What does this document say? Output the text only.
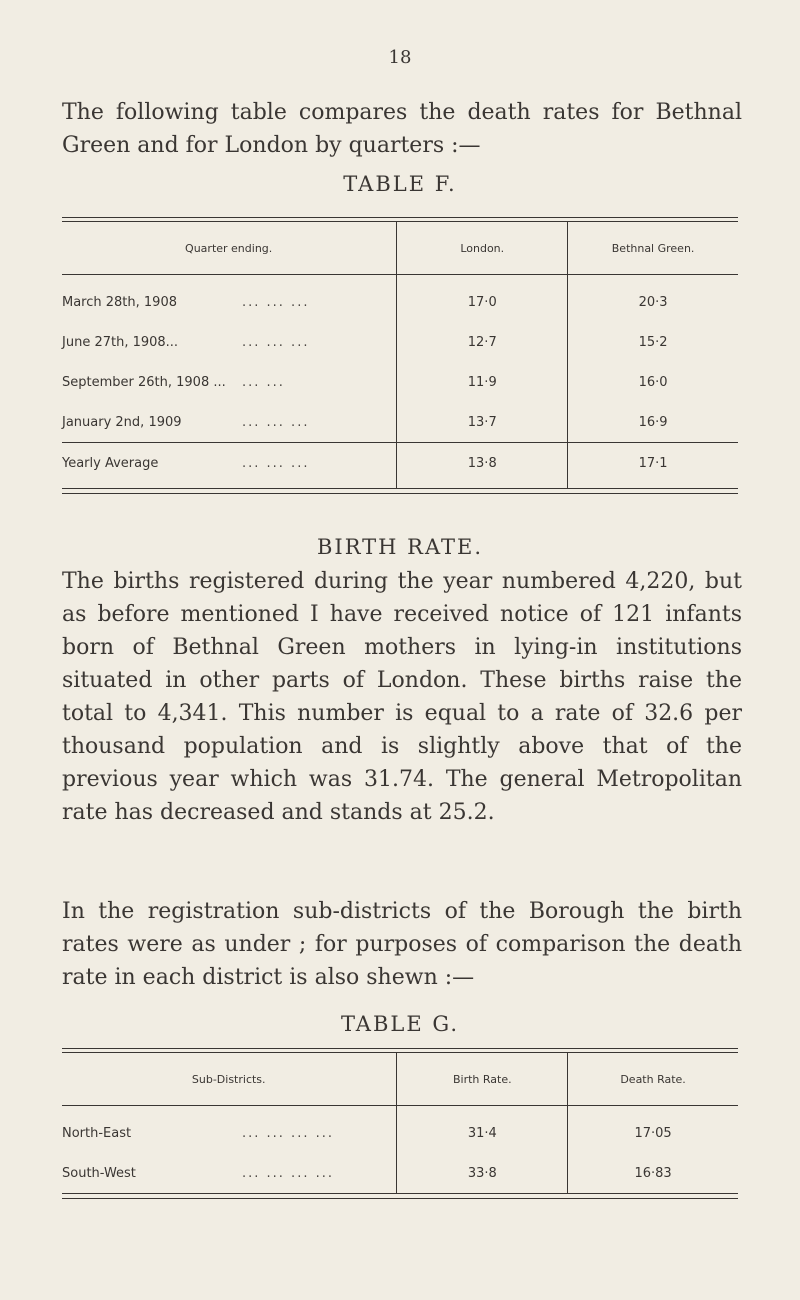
18

The following table compares the death rates for Bethnal Green and for London by quarters :—

TABLE F.
Quarter ending.	London.	Bethnal Green.
March 28th, 1908 ... ... ...	17·0	20·3
June 27th, 1908... ... ... ...	12·7	15·2
September 26th, 1908 ... ... ...	11·9	16·0
January 2nd, 1909 ... ... ...	13·7	16·9
Yearly Average ... ... ...	13·8	17·1

BIRTH RATE.

The births registered during the year numbered 4,220, but as before mentioned I have received notice of 121 infants born of Bethnal Green mothers in lying-in institutions situated in other parts of London. These births raise the total to 4,341. This number is equal to a rate of 32.6 per thousand population and is slightly above that of the previous year which was 31.74. The general Metropolitan rate has decreased and stands at 25.2.

In the registration sub-districts of the Borough the birth rates were as under ; for purposes of comparison the death rate in each district is also shewn :—

TABLE G.
Sub-Districts.	Birth Rate.	Death Rate.
North-East ... ... ... ...	31·4	17·05
South-West ... ... ... ...	33·8	16·83
